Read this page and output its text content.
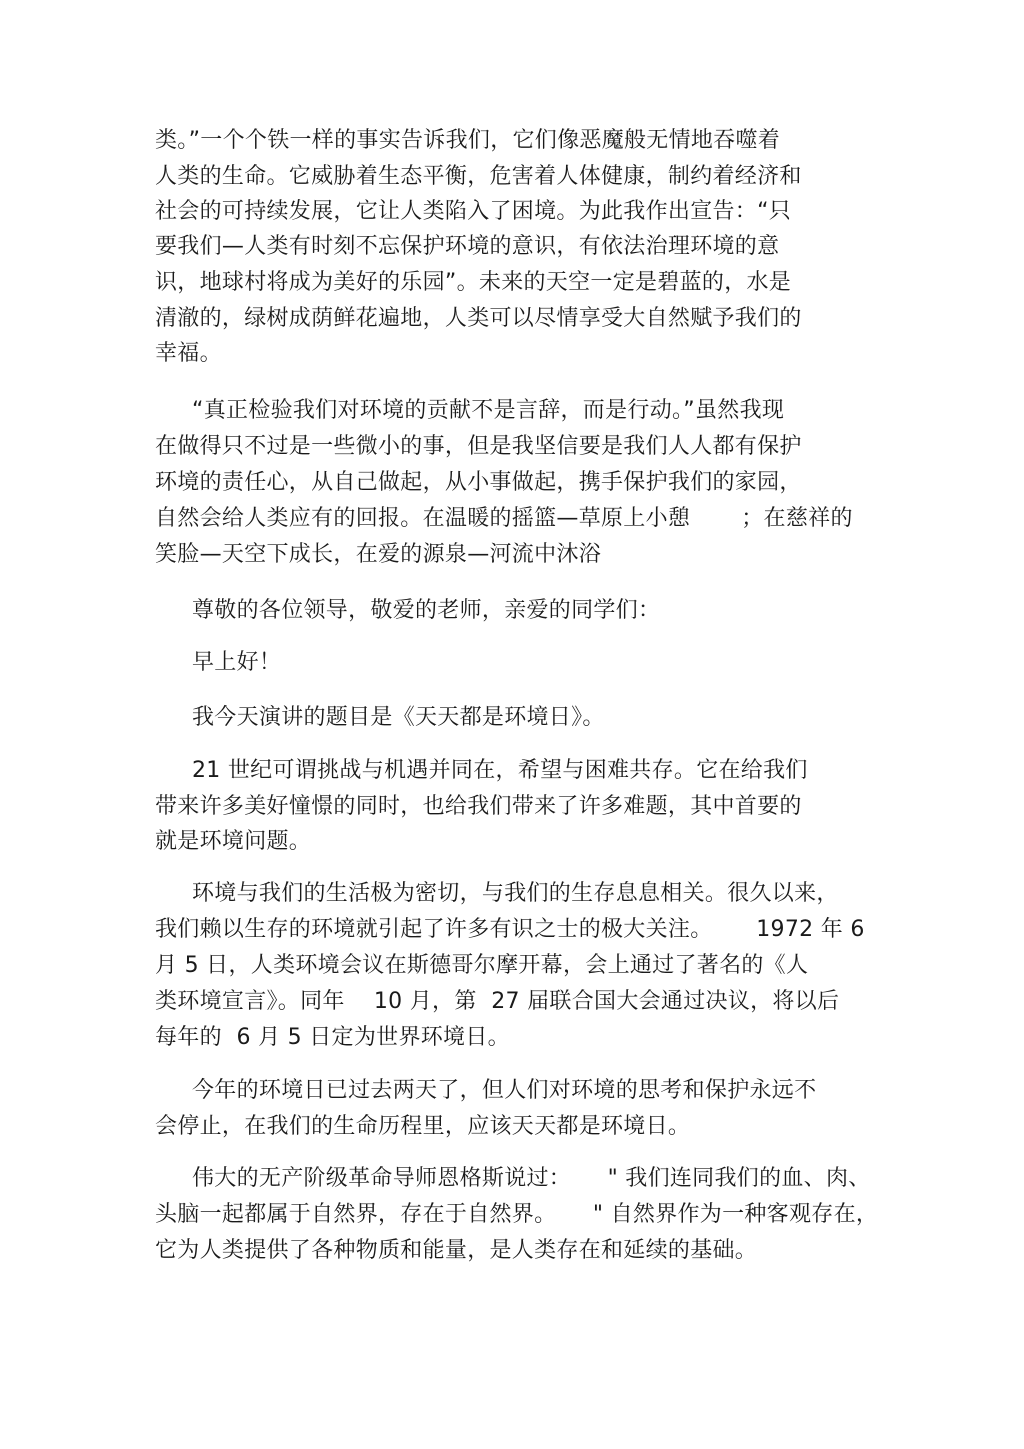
类。”一个个铁一样的事实告诉我们，它们像恶魔般无情地吞噬着
人类的生命。它威胁着生态平衡，危害着人体健康，制约着经济和
社会的可持续发展，它让人类陷入了困境。为此我作出宣告：“只
要我们—人类有时刻不忘保护环境的意识，有依法治理环境的意
识，地球村将成为美好的乐园”。未来的天空一定是碧蓝的，水是
清澈的，绿树成荫鲜花遍地，人类可以尽情享受大自然赋予我们的
幸福。
“真正检验我们对环境的贡献不是言辞，而是行动。”虽然我现
在做得只不过是一些微小的事，但是我坚信要是我们人人都有保护
环境的责任心，从自己做起，从小事做起，携手保护我们的家园，
自然会给人类应有的回报。在温暖的摇篮—草原上小憩       ；在慈祥的
笑脸—天空下成长，在爱的源泉—河流中沐浴
尊敬的各位领导，敬爱的老师，亲爱的同学们：
早上好！
我今天演讲的题目是《天天都是环境日》。
21 世纪可谓挑战与机遇并同在，希望与困难共存。它在给我们
带来许多美好憧憬的同时，也给我们带来了许多难题，其中首要的
就是环境问题。
环境与我们的生活极为密切，与我们的生存息息相关。很久以来，
我们赖以生存的环境就引起了许多有识之士的极大关注。      1972 年 6
月 5 日，人类环境会议在斯德哥尔摩开幕，会上通过了著名的《人
类环境宣言》。同年    10 月，第  27 届联合国大会通过决议，将以后
每年的  6 月 5 日定为世界环境日。
今年的环境日已过去两天了，但人们对环境的思考和保护永远不
会停止，在我们的生命历程里，应该天天都是环境日。
伟大的无产阶级革命导师恩格斯说过：     " 我们连同我们的血、肉、
头脑一起都属于自然界，存在于自然界。     " 自然界作为一种客观存在，
它为人类提供了各种物质和能量，是人类存在和延续的基础。
